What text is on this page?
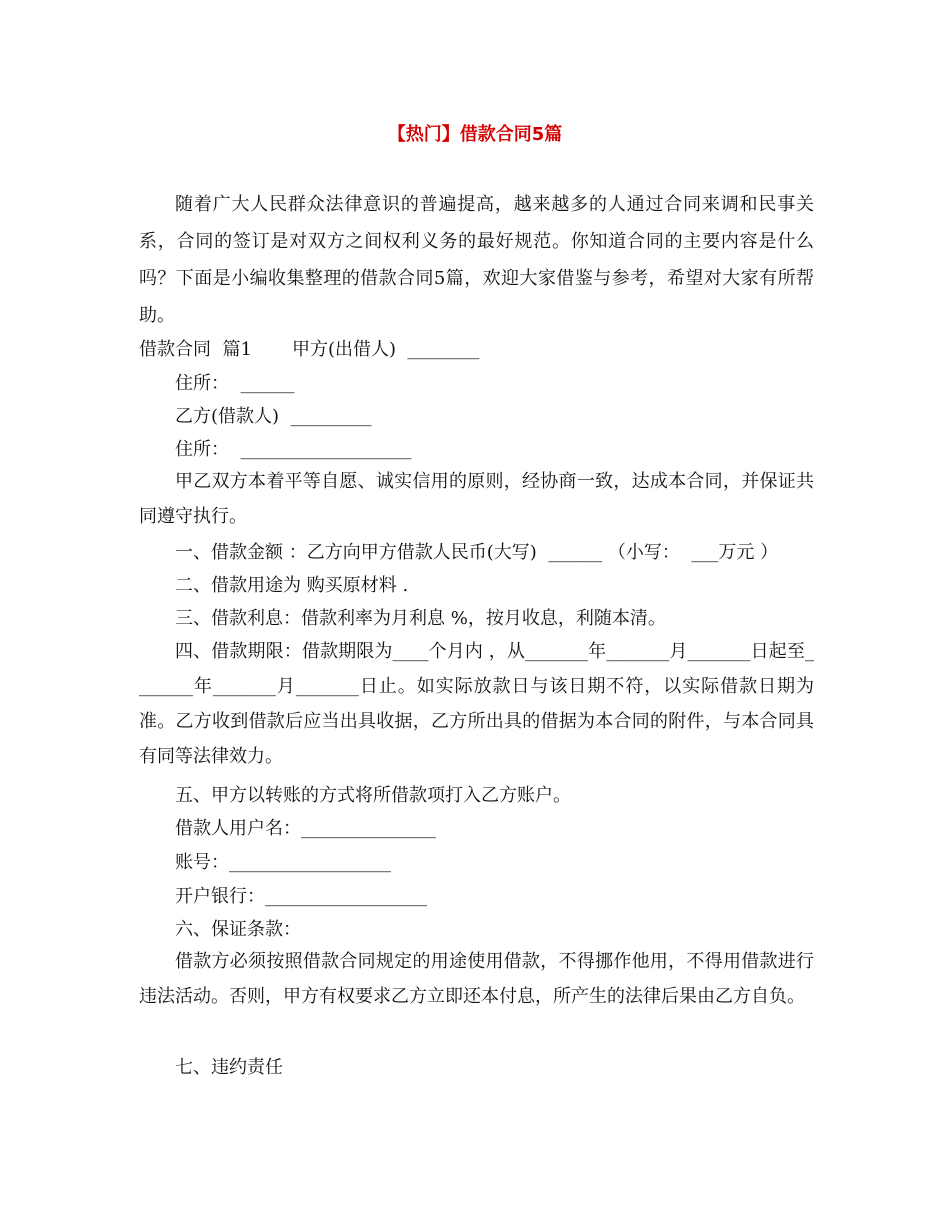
【热门】借款合同5篇
随着广大人民群众法律意识的普遍提高，越来越多的人通过合同来调和民事关系，合同的签订是对双方之间权利义务的最好规范。你知道合同的主要内容是什么吗？下面是小编收集整理的借款合同5篇，欢迎大家借鉴与参考，希望对大家有所帮助。
借款合同  篇1       甲方(出借人)  ________
住所：  ______
乙方(借款人)  _________
住所：  ___________________
甲乙双方本着平等自愿、诚实信用的原则，经协商一致，达成本合同，并保证共同遵守执行。
一、借款金额 ：乙方向甲方借款人民币(大写)  ______ （小写：  ___万元 ）
二、借款用途为 购买原材料 .
三、借款利息：借款利率为月利息 %，按月收息，利随本清。
四、借款期限：借款期限为____个月内 ，从_______年_______月_______日起至_______年_______月_______日止。如实际放款日与该日期不符，以实际借款日期为准。乙方收到借款后应当出具收据，乙方所出具的借据为本合同的附件，与本合同具有同等法律效力。
五、甲方以转账的方式将所借款项打入乙方账户。
借款人用户名：_______________
账号：__________________
开户银行：__________________
六、保证条款：
借款方必须按照借款合同规定的用途使用借款，不得挪作他用，不得用借款进行违法活动。否则，甲方有权要求乙方立即还本付息，所产生的法律后果由乙方自负。
七、违约责任
